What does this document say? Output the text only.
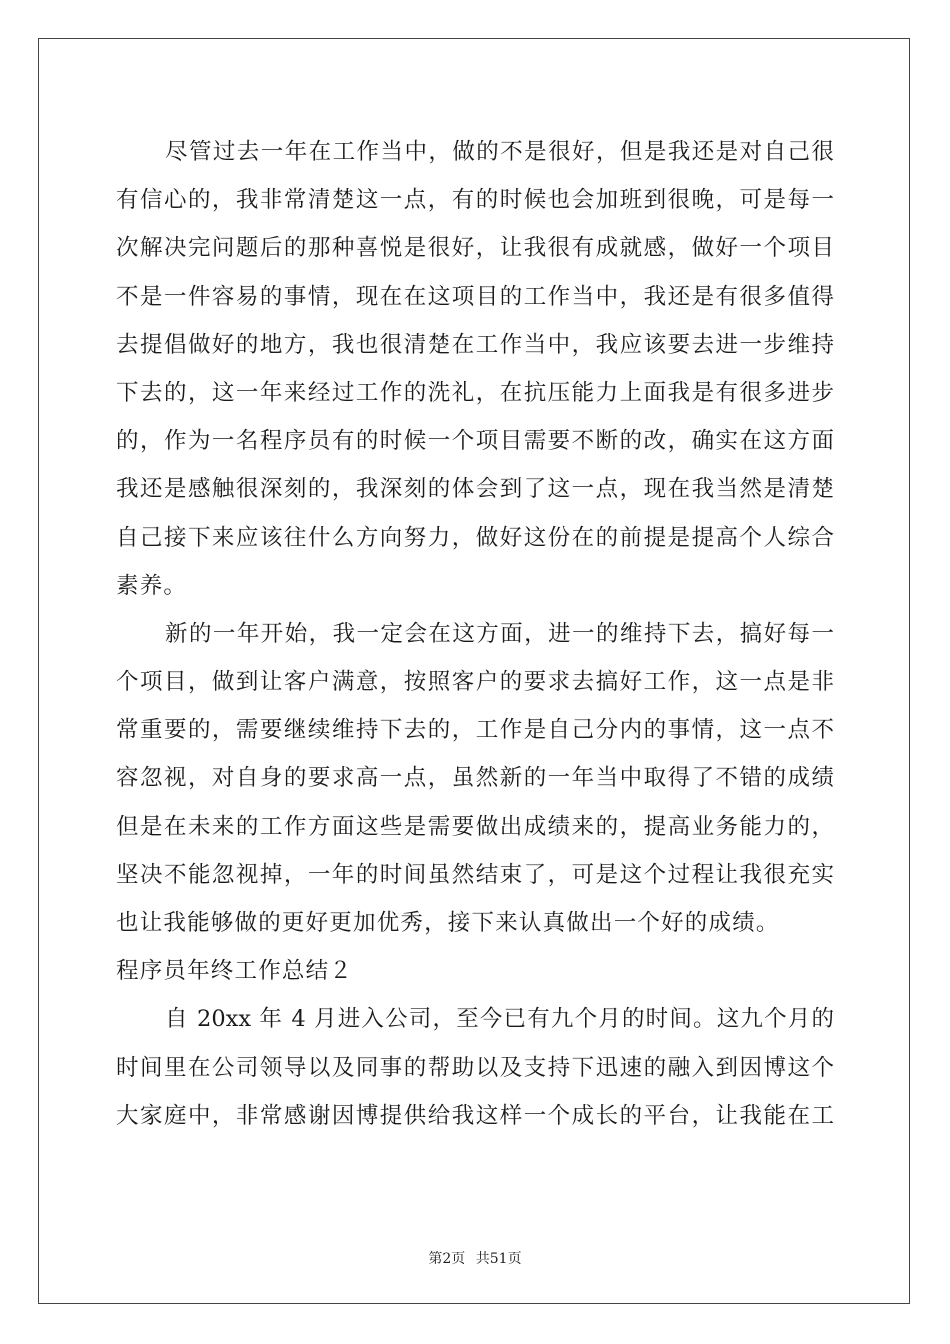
尽管过去一年在工作当中，做的不是很好，但是我还是对自己很
有信心的，我非常清楚这一点，有的时候也会加班到很晚，可是每一
次解决完问题后的那种喜悦是很好，让我很有成就感，做好一个项目
不是一件容易的事情，现在在这项目的工作当中，我还是有很多值得
去提倡做好的地方，我也很清楚在工作当中，我应该要去进一步维持
下去的，这一年来经过工作的洗礼，在抗压能力上面我是有很多进步
的，作为一名程序员有的时候一个项目需要不断的改，确实在这方面
我还是感触很深刻的，我深刻的体会到了这一点，现在我当然是清楚
自己接下来应该往什么方向努力，做好这份在的前提是提高个人综合
素养。
新的一年开始，我一定会在这方面，进一的维持下去，搞好每一
个项目，做到让客户满意，按照客户的要求去搞好工作，这一点是非
常重要的，需要继续维持下去的，工作是自己分内的事情，这一点不
容忽视，对自身的要求高一点，虽然新的一年当中取得了不错的成绩
但是在未来的工作方面这些是需要做出成绩来的，提高业务能力的，
坚决不能忽视掉，一年的时间虽然结束了，可是这个过程让我很充实
也让我能够做的更好更加优秀，接下来认真做出一个好的成绩。
程序员年终工作总结２
自 20xx 年 4 月进入公司，至今已有九个月的时间。这九个月的
时间里在公司领导以及同事的帮助以及支持下迅速的融入到因博这个
大家庭中，非常感谢因博提供给我这样一个成长的平台，让我能在工
第2页 共51页
